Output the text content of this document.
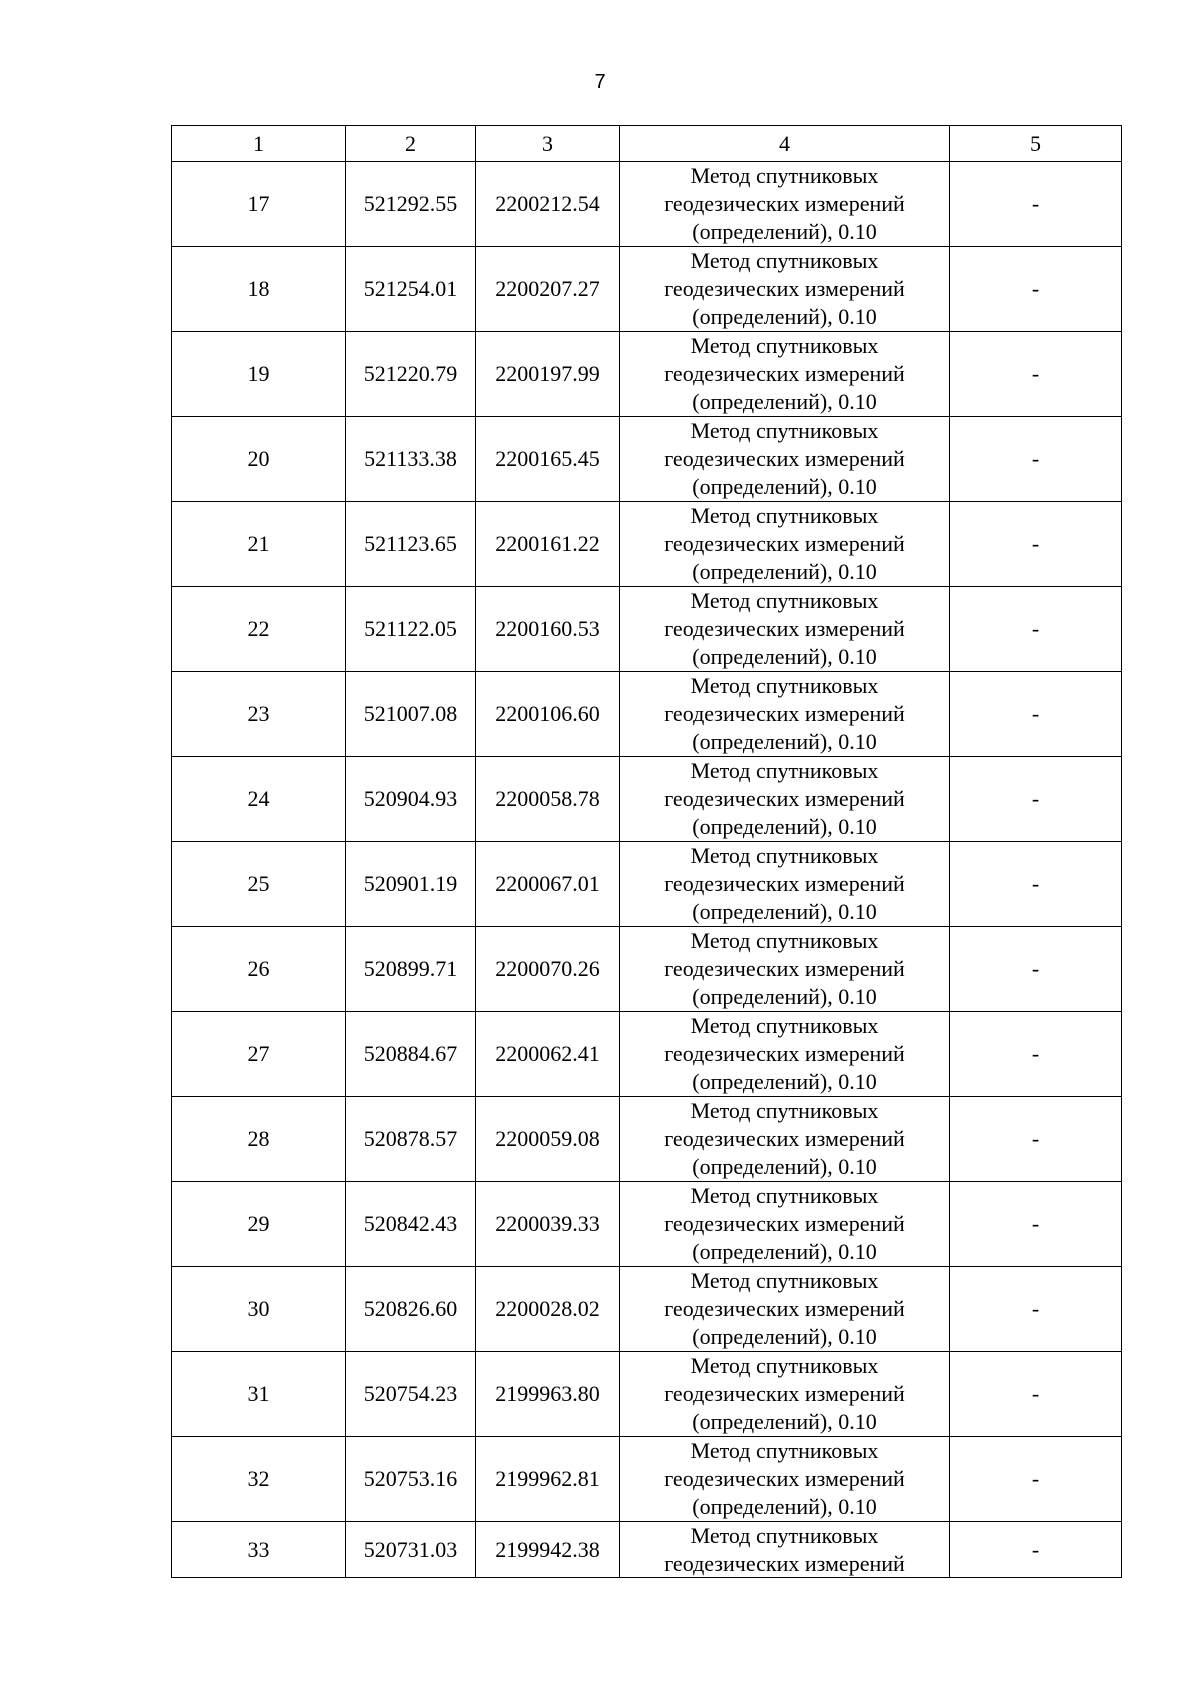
7
1	2	3	4	5
17	521292.55	2200212.54	Метод спутниковых
геодезических измерений
(определений), 0.10	-
18	521254.01	2200207.27	Метод спутниковых
геодезических измерений
(определений), 0.10	-
19	521220.79	2200197.99	Метод спутниковых
геодезических измерений
(определений), 0.10	-
20	521133.38	2200165.45	Метод спутниковых
геодезических измерений
(определений), 0.10	-
21	521123.65	2200161.22	Метод спутниковых
геодезических измерений
(определений), 0.10	-
22	521122.05	2200160.53	Метод спутниковых
геодезических измерений
(определений), 0.10	-
23	521007.08	2200106.60	Метод спутниковых
геодезических измерений
(определений), 0.10	-
24	520904.93	2200058.78	Метод спутниковых
геодезических измерений
(определений), 0.10	-
25	520901.19	2200067.01	Метод спутниковых
геодезических измерений
(определений), 0.10	-
26	520899.71	2200070.26	Метод спутниковых
геодезических измерений
(определений), 0.10	-
27	520884.67	2200062.41	Метод спутниковых
геодезических измерений
(определений), 0.10	-
28	520878.57	2200059.08	Метод спутниковых
геодезических измерений
(определений), 0.10	-
29	520842.43	2200039.33	Метод спутниковых
геодезических измерений
(определений), 0.10	-
30	520826.60	2200028.02	Метод спутниковых
геодезических измерений
(определений), 0.10	-
31	520754.23	2199963.80	Метод спутниковых
геодезических измерений
(определений), 0.10	-
32	520753.16	2199962.81	Метод спутниковых
геодезических измерений
(определений), 0.10	-
33	520731.03	2199942.38	Метод спутниковых
геодезических измерений	-
